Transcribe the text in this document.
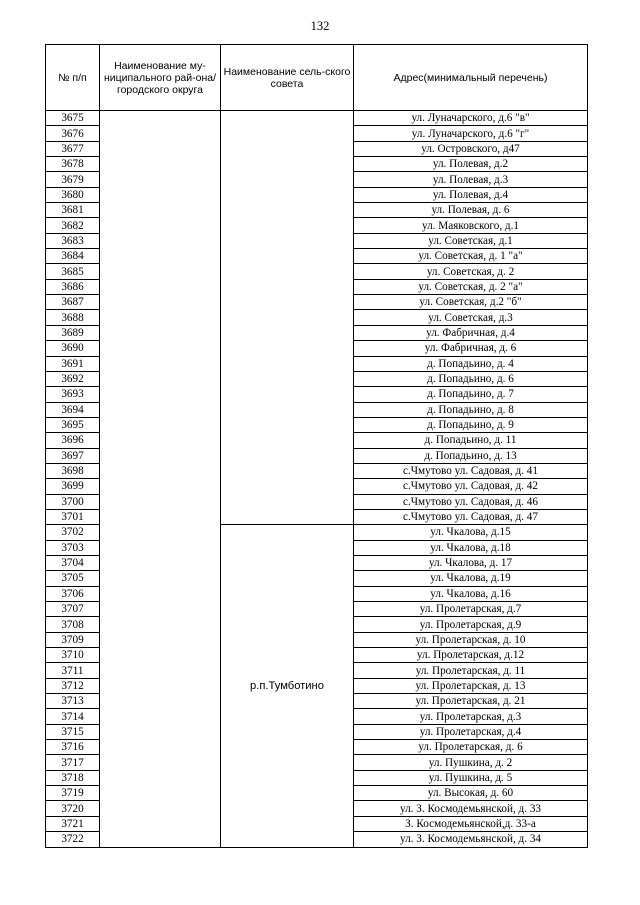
132
№ п/п	Наименование му-ниципального рай-она/ городского округа	Наименование сель-ского совета	Адрес(минимальный перечень)
3675			ул. Луначарского, д.6 "в"
3676			ул. Луначарского, д.6 "г"
3677			ул. Островского, д47
3678			ул. Полевая, д.2
3679			ул. Полевая, д.3
3680			ул. Полевая, д.4
3681			ул. Полевая, д. 6
3682			ул. Маяковского, д.1
3683			ул. Советская, д.1
3684			ул. Советская, д. 1 "а"
3685			ул. Советская, д. 2
3686			ул. Советская, д. 2 "а"
3687			ул. Советская, д.2 "б"
3688			ул. Советская, д.3
3689			ул. Фабричная, д.4
3690			ул. Фабричная, д. 6
3691			д. Попадьино, д. 4
3692			д. Попадьино, д. 6
3693			д. Попадьино, д. 7
3694			д. Попадьино, д. 8
3695			д. Попадьино, д. 9
3696			д. Попадьино, д. 11
3697			д. Попадьино, д. 13
3698			с.Чмутово ул. Садовая, д. 41
3699			с.Чмутово ул. Садовая, д. 42
3700			с.Чмутово ул. Садовая, д. 46
3701			с.Чмутово ул. Садовая, д. 47
3702		р.п.Тумботино	ул. Чкалова, д.15
3703			ул. Чкалова, д.18
3704			ул. Чкалова, д. 17
3705			ул. Чкалова, д.19
3706			ул. Чкалова, д.16
3707			ул. Пролетарская, д.7
3708			ул. Пролетарская, д.9
3709			ул. Пролетарская, д. 10
3710			ул. Пролетарская, д.12
3711			ул. Пролетарская, д. 11
3712			ул. Пролетарская, д. 13
3713			ул. Пролетарская, д. 21
3714			ул. Пролетарская, д.3
3715			ул. Пролетарская, д.4
3716			ул. Пролетарская, д. 6
3717			ул. Пушкина, д. 2
3718			ул. Пушкина, д. 5
3719			ул. Высокая, д. 60
3720			ул. З. Космодемьянской, д. 33
3721			З. Космодемьянской,д. 33-а
3722			ул. З. Космодемьянской, д. 34
